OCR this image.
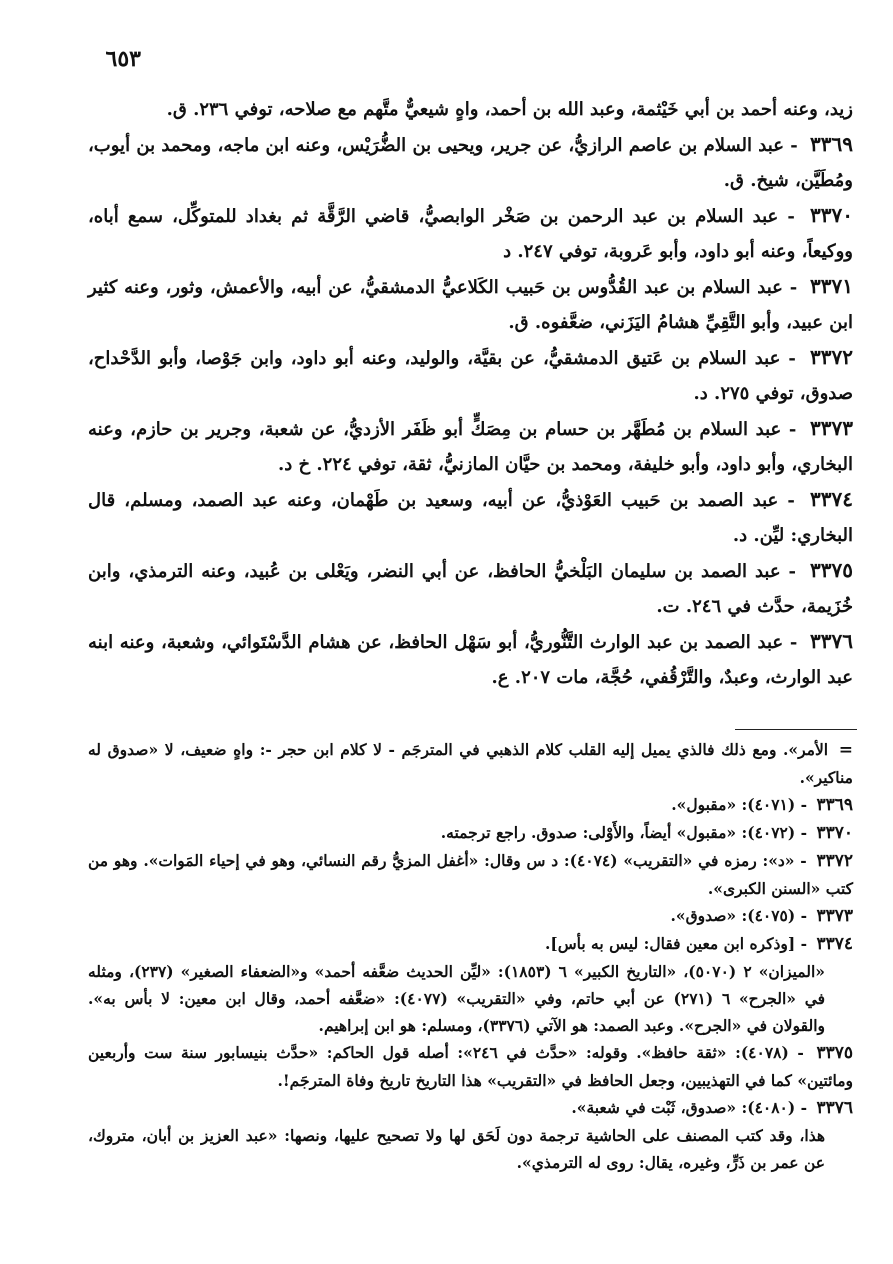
٦٥٣

زيد، وعنه أحمد بن أبي خَيْثمة، وعبد الله بن أحمد، واهٍ شيعيٌّ متَّهم مع صلاحه، توفي ٢٣٦. ق.

٣٣٦٩ - عبد السلام بن عاصم الرازيُّ، عن جرير، ويحيى بن الضُّرَيْس، وعنه ابن ماجه، ومحمد بن أيوب، ومُطَيَّن، شيخ. ق.

٣٣٧٠ - عبد السلام بن عبد الرحمن بن صَخْر الوابصيُّ، قاضي الرَّقَّة ثم بغداد للمتوكِّل، سمع أباه، ووكيعاً، وعنه أبو داود، وأبو عَروبة، توفي ٢٤٧. د

٣٣٧١ - عبد السلام بن عبد القُدُّوس بن حَبيب الكَلاعيُّ الدمشقيُّ، عن أبيه، والأعمش، وثور، وعنه كثير ابن عبيد، وأبو التَّقِيِّ هشامُ اليَزَني، ضعَّفوه. ق.

٣٣٧٢ - عبد السلام بن عَتيق الدمشقيُّ، عن بقيَّة، والوليد، وعنه أبو داود، وابن جَوْصا، وأبو الدَّحْداح، صدوق، توفي ٢٧٥. د.

٣٣٧٣ - عبد السلام بن مُطَهَّر بن حسام بن مِصَكٍّ أبو ظَفَر الأزديُّ، عن شعبة، وجرير بن حازم، وعنه البخاري، وأبو داود، وأبو خليفة، ومحمد بن حيَّان المازنيُّ، ثقة، توفي ٢٢٤. خ د.

٣٣٧٤ - عبد الصمد بن حَبيب العَوْذيُّ، عن أبيه، وسعيد بن طَهْمان، وعنه عبد الصمد، ومسلم، قال البخاري: ليِّن. د.

٣٣٧٥ - عبد الصمد بن سليمان البَلْخيُّ الحافظ، عن أبي النضر، ويَعْلى بن عُبيد، وعنه الترمذي، وابن خُزَيمة، حدَّث في ٢٤٦. ت.

٣٣٧٦ - عبد الصمد بن عبد الوارث التَّنُّوريُّ، أبو سَهْل الحافظ، عن هشام الدَّسْتَوائي، وشعبة، وعنه ابنه عبد الوارث، وعبدٌ، والتَّرْقُفي، حُجَّة، مات ٢٠٧. ع.

= الأمر». ومع ذلك فالذي يميل إليه القلب كلام الذهبي في المترجَم - لا كلام ابن حجر -: واهٍ ضعيف، لا «صدوق له مناكير».

٣٣٦٩ - (٤٠٧١): «مقبول».

٣٣٧٠ - (٤٠٧٢): «مقبول» أيضاً، والأَوْلى: صدوق. راجع ترجمته.

٣٣٧٢ - «د»: رمزه في «التقريب» (٤٠٧٤): د س وقال: «أغفل المزيُّ رقم النسائي، وهو في إحياء المَوات». وهو من كتب «السنن الكبرى».

٣٣٧٣ - (٤٠٧٥): «صدوق».

٣٣٧٤ - [وذكره ابن معين فقال: ليس به بأس].

«الميزان» ٢ (٥٠٧٠)، «التاريخ الكبير» ٦ (١٨٥٣): «ليِّن الحديث ضعَّفه أحمد» و«الضعفاء الصغير» (٢٣٧)، ومثله في «الجرح» ٦ (٢٧١) عن أبي حاتم، وفي «التقريب» (٤٠٧٧): «ضعَّفه أحمد، وقال ابن معين: لا بأس به». والقولان في «الجرح». وعبد الصمد: هو الآتي (٣٣٧٦)، ومسلم: هو ابن إبراهيم.

٣٣٧٥ - (٤٠٧٨): «ثقة حافظ». وقوله: «حدَّث في ٢٤٦»: أصله قول الحاكم: «حدَّث بنيسابور سنة ست وأربعين ومائتين» كما في التهذيبين، وجعل الحافظ في «التقريب» هذا التاريخ تاريخ وفاة المترجَم!.

٣٣٧٦ - (٤٠٨٠): «صدوق، ثَبْت في شعبة».

هذا، وقد كتب المصنف على الحاشية ترجمة دون لَحَق لها ولا تصحيح عليها، ونصها: «عبد العزيز بن أبان، متروك، عن عمر بن ذَرٍّ، وغيره، يقال: روى له الترمذي».
